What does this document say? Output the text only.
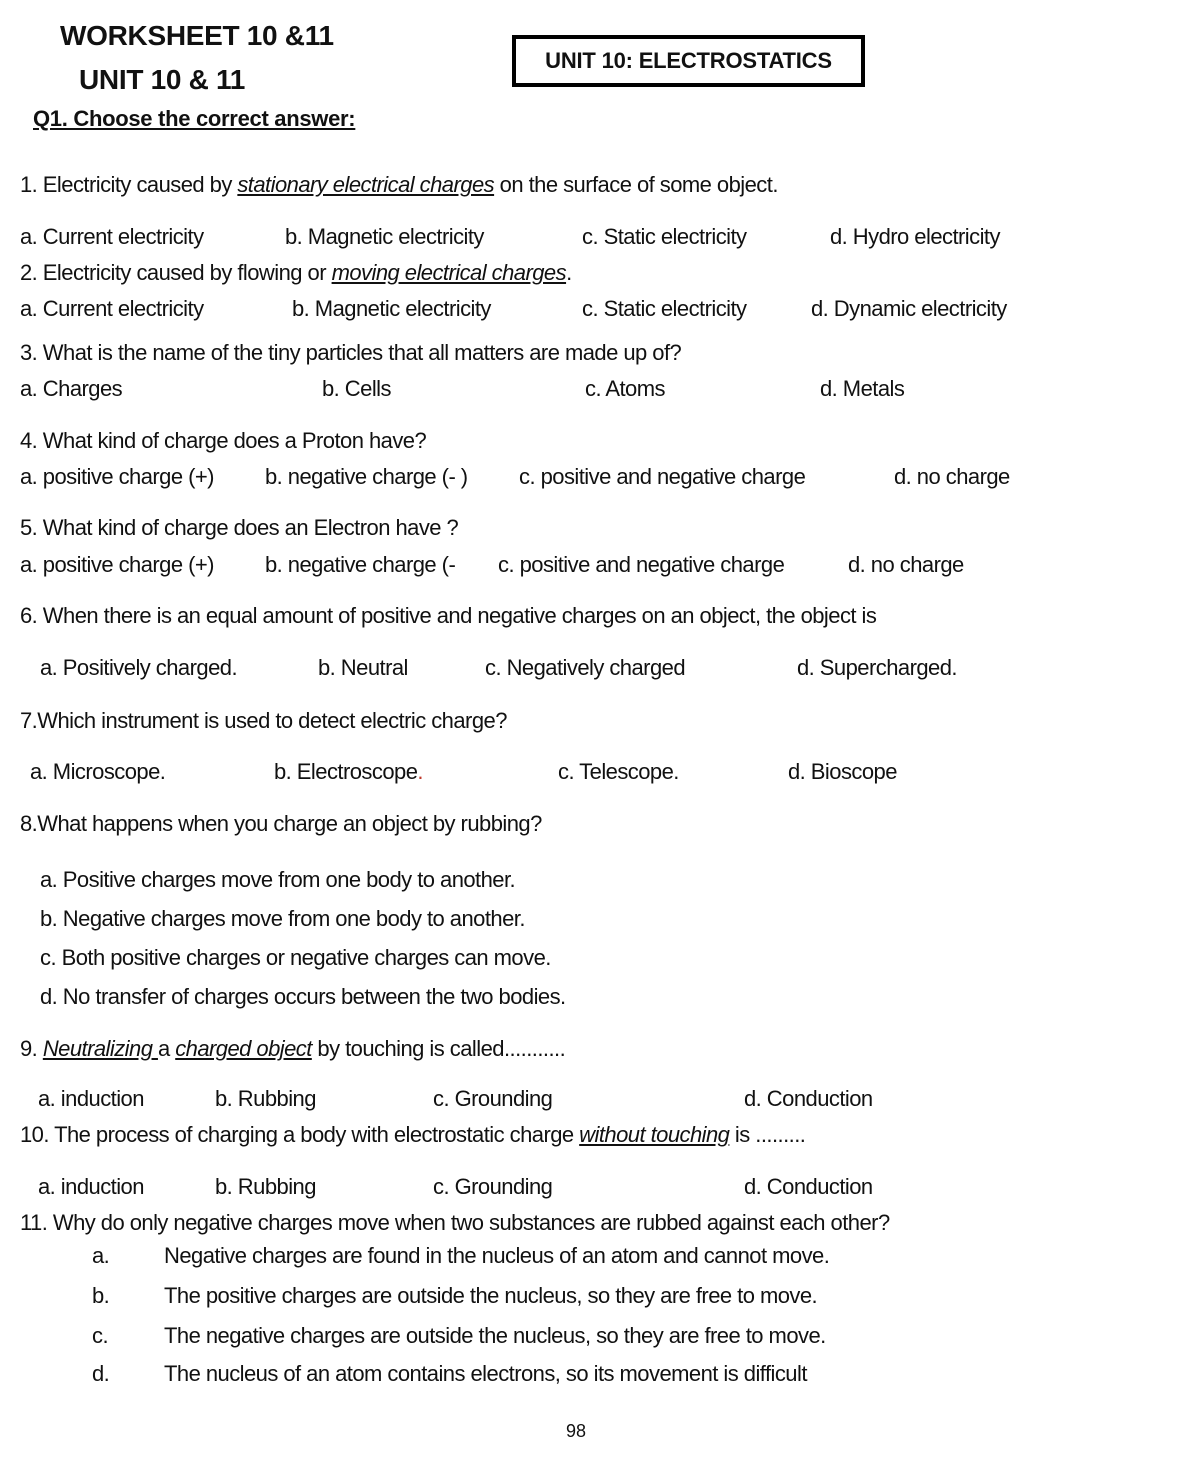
WORKSHEET 10 &11
UNIT 10 & 11
UNIT 10: ELECTROSTATICS
Q1. Choose the correct answer:
1. Electricity caused by stationary electrical charges on the surface of some object.
a. Current electricity	b. Magnetic electricity	c. Static electricity	d. Hydro electricity
2. Electricity caused by flowing or moving electrical charges.
a. Current electricity	b. Magnetic electricity	c. Static electricity	d. Dynamic electricity
3. What is the name of the tiny particles that all matters are made up of?
a. Charges	b. Cells	c. Atoms	d. Metals
4. What kind of charge does a Proton have?
a. positive charge (+) b. negative charge (- ) c. positive and negative charge	d. no charge
5. What kind of charge does an Electron have ?
a. positive charge (+) b. negative charge (- c. positive and negative charge	d. no charge
6. When there is an equal amount of positive and negative charges on an object, the object is
a. Positively charged.	b. Neutral	c. Negatively charged	d. Supercharged.
7.Which instrument is used to detect electric charge?
a. Microscope.	b. Electroscope.	c. Telescope.	d. Bioscope
8.What happens when you charge an object by rubbing?
a. Positive charges move from one body to another.
b. Negative charges move from one body to another.
c. Both positive charges or negative charges can move.
d. No transfer of charges occurs between the two bodies.
9. Neutralizing a charged object by touching is called...........
a. induction	b. Rubbing	c. Grounding	d. Conduction
10. The process of charging a body with electrostatic charge without touching is .........
a. induction	b. Rubbing	c. Grounding	d. Conduction
11. Why do only negative charges move when two substances are rubbed against each other?
a. Negative charges are found in the nucleus of an atom and cannot move.
b. The positive charges are outside the nucleus, so they are free to move.
c.	The negative charges are outside the nucleus, so they are free to move.
d. The nucleus of an atom contains electrons, so its movement is difficult
98
